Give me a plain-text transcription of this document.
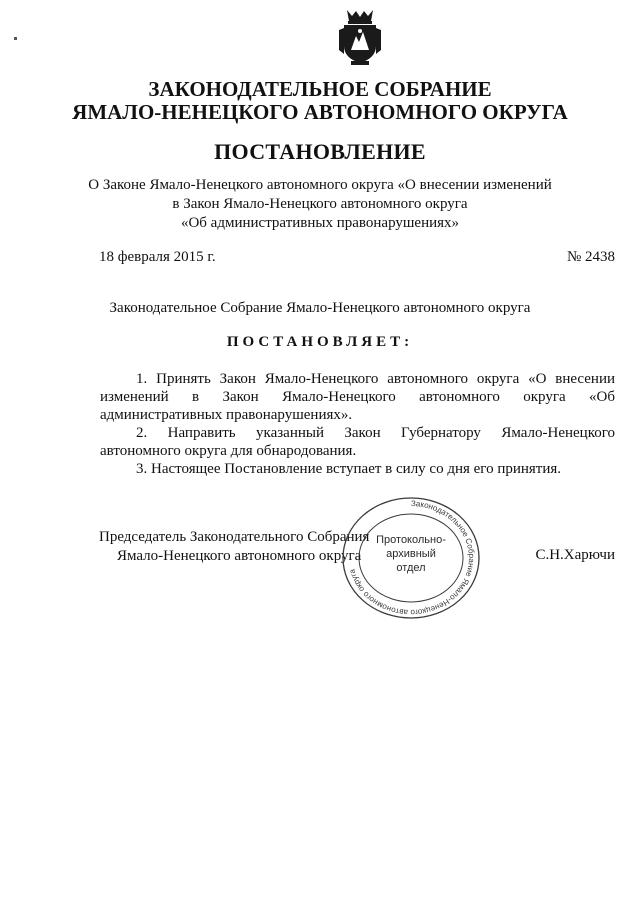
ЗАКОНОДАТЕЛЬНОЕ СОБРАНИЕ
ЯМАЛО-НЕНЕЦКОГО АВТОНОМНОГО ОКРУГА
ПОСТАНОВЛЕНИЕ
О Законе Ямало-Ненецкого автономного округа «О внесении изменений
в Закон Ямало-Ненецкого автономного округа
«Об административных правонарушениях»
18 февраля 2015 г.	№ 2438
Законодательное Собрание Ямало-Ненецкого автономного округа
ПОСТАНОВЛЯЕТ:
1. Принять Закон Ямало-Ненецкого автономного округа «О внесении изменений в Закон Ямало-Ненецкого автономного округа «Об административных правонарушениях».
2. Направить указанный Закон Губернатору Ямало-Ненецкого автономного округа для обнародования.
3. Настоящее Постановление вступает в силу со дня его принятия.
Председатель Законодательного Собрания
Ямало-Ненецкого автономного округа	С.Н.Харючи
Законодательное Собрание Ямало-Ненецкого автономного округа
Протокольно-
архивный
отдел
